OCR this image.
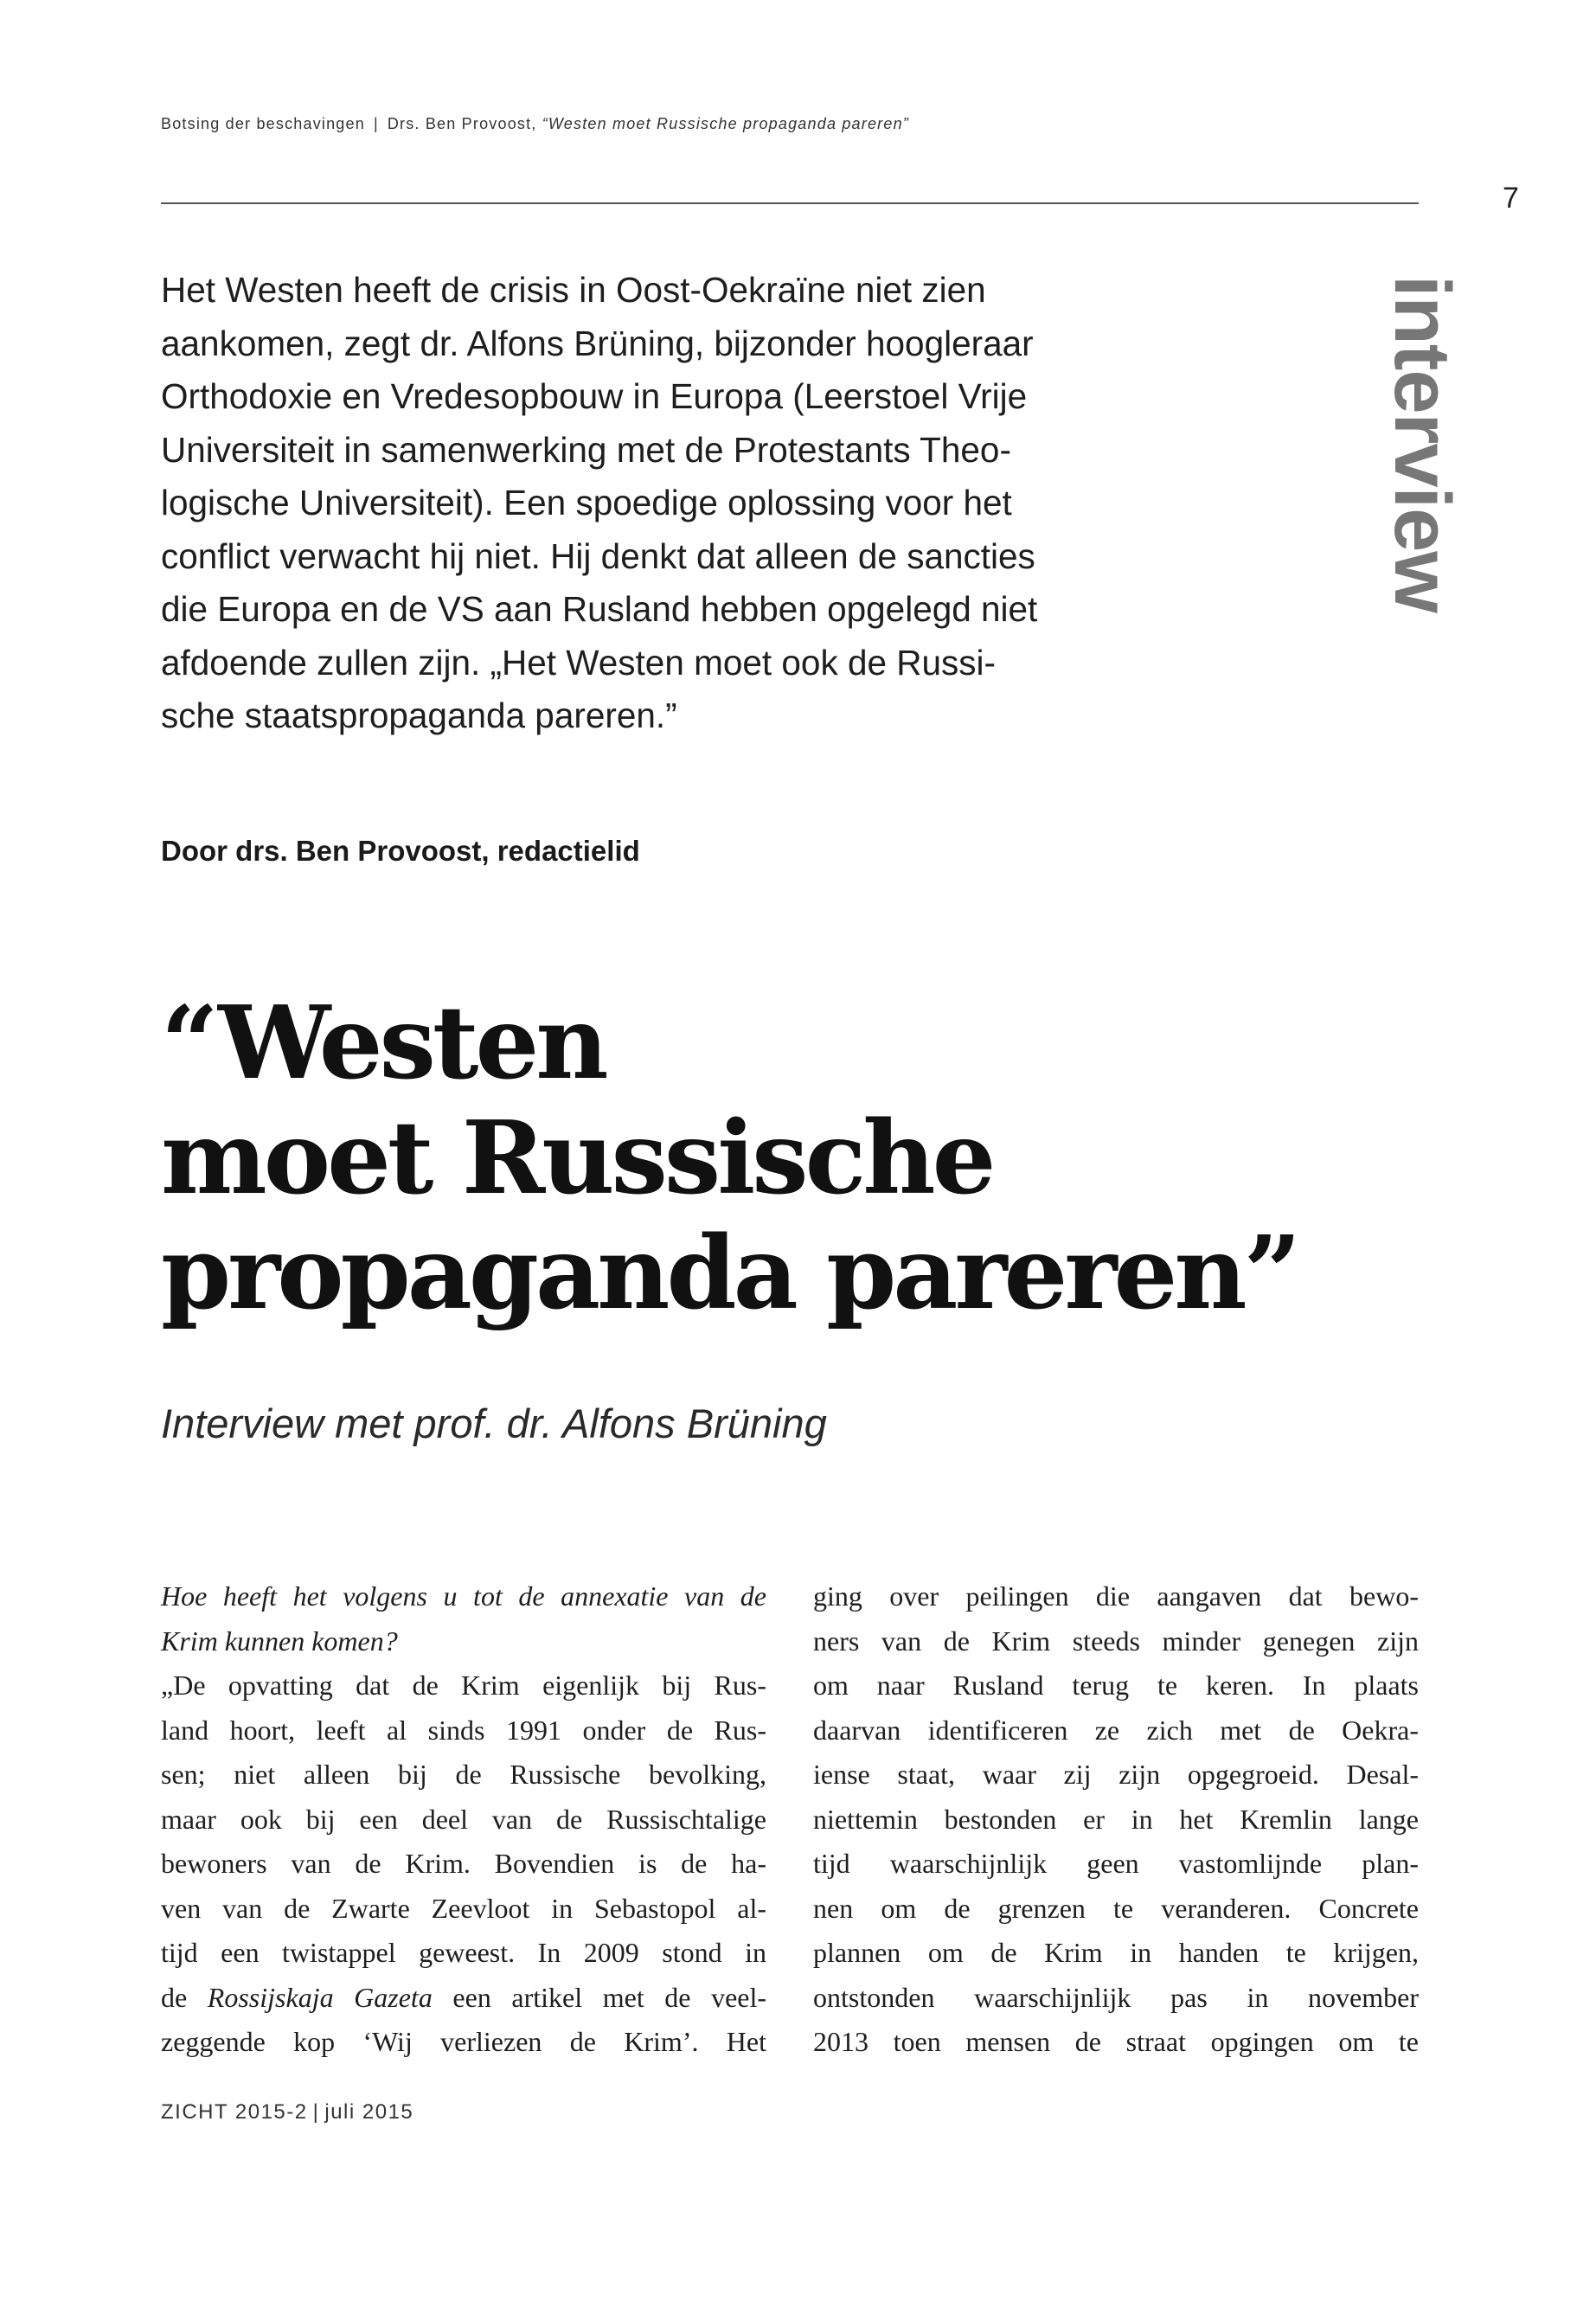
Botsing der beschavingen | Drs. Ben Provoost, “Westen moet Russische propaganda pareren”
7
Het Westen heeft de crisis in Oost-Oekraïne niet zien
aankomen, zegt dr. Alfons Brüning, bijzonder hoogleraar
Orthodoxie en Vredesopbouw in Europa (Leerstoel Vrije
Universiteit in samenwerking met de Protestants Theo-
logische Universiteit). Een spoedige oplossing voor het
conflict verwacht hij niet. Hij denkt dat alleen de sancties
die Europa en de VS aan Rusland hebben opgelegd niet
afdoende zullen zijn. „Het Westen moet ook de Russi-
sche staatspropaganda pareren.”
interview
Door drs. Ben Provoost, redactielid
“Westen
moet Russische
propaganda pareren”
Interview met prof. dr. Alfons Brüning
Hoe heeft het volgens u tot de annexatie van de
Krim kunnen komen?
„De opvatting dat de Krim eigenlijk bij Rus-
land hoort, leeft al sinds 1991 onder de Rus-
sen; niet alleen bij de Russische bevolking,
maar ook bij een deel van de Russischtalige
bewoners van de Krim. Bovendien is de ha-
ven van de Zwarte Zeevloot in Sebastopol al-
tijd een twistappel geweest. In 2009 stond in
de Rossijskaja Gazeta een artikel met de veel-
zeggende kop ‘Wij verliezen de Krim’. Het
ging over peilingen die aangaven dat bewo-
ners van de Krim steeds minder genegen zijn
om naar Rusland terug te keren. In plaats
daarvan identificeren ze zich met de Oekra-
iense staat, waar zij zijn opgegroeid. Desal-
niettemin bestonden er in het Kremlin lange
tijd waarschijnlijk geen vastomlijnde plan-
nen om de grenzen te veranderen. Concrete
plannen om de Krim in handen te krijgen,
ontstonden waarschijnlijk pas in november
2013 toen mensen de straat opgingen om te
ZICHT 2015-2 | juli 2015
